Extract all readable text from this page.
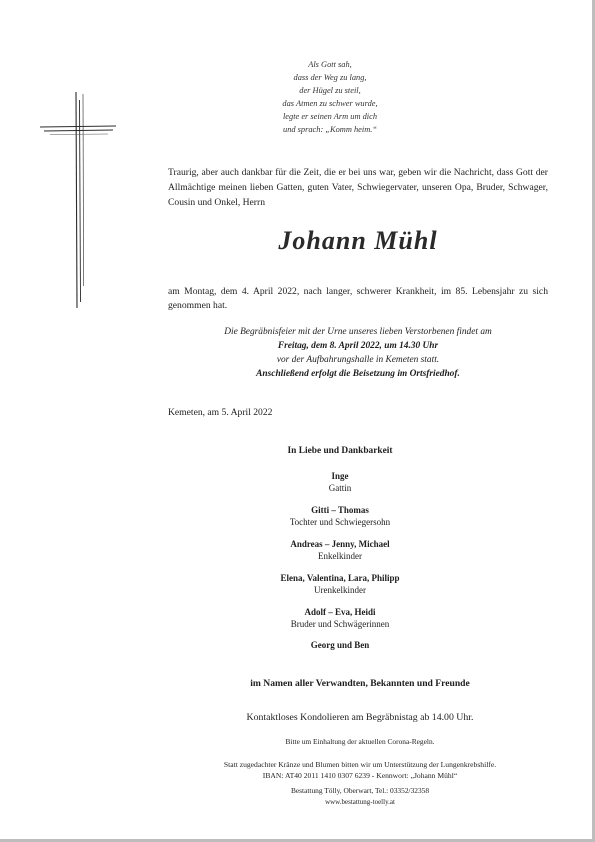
Als Gott sah,
dass der Weg zu lang,
der Hügel zu steil,
das Atmen zu schwer wurde,
legte er seinen Arm um dich
und sprach: „Komm heim.“

Traurig, aber auch dankbar für die Zeit, die er bei uns war, geben wir die Nachricht, dass Gott der Allmächtige meinen lieben Gatten, guten Vater, Schwiegervater, unseren Opa, Bruder, Schwager, Cousin und Onkel, Herrn

Johann Mühl

am Montag, dem 4. April 2022, nach langer, schwerer Krankheit, im 85. Lebensjahr zu sich genommen hat.

Die Begräbnisfeier mit der Urne unseres lieben Verstorbenen findet am
Freitag, dem 8. April 2022, um 14.30 Uhr
vor der Aufbahrungshalle in Kemeten statt.
Anschließend erfolgt die Beisetzung im Ortsfriedhof.
Kemeten, am 5. April 2022
In Liebe und Dankbarkeit
Inge
Gattin
Gitti – Thomas
Tochter und Schwiegersohn
Andreas – Jenny, Michael
Enkelkinder
Elena, Valentina, Lara, Philipp
Urenkelkinder
Adolf – Eva, Heidi
Bruder und Schwägerinnen
Georg und Ben
im Namen aller Verwandten, Bekannten und Freunde
Kontaktloses Kondolieren am Begräbnistag ab 14.00 Uhr.
Bitte um Einhaltung der aktuellen Corona-Regeln.
Statt zugedachter Kränze und Blumen bitten wir um Unterstützung der Lungenkrebshilfe.
IBAN: AT40 2011 1410 0307 6239 - Kennwort: „Johann Mühl“
Bestattung Tölly, Oberwart, Tel.: 03352/32358
www.bestattung-toelly.at
